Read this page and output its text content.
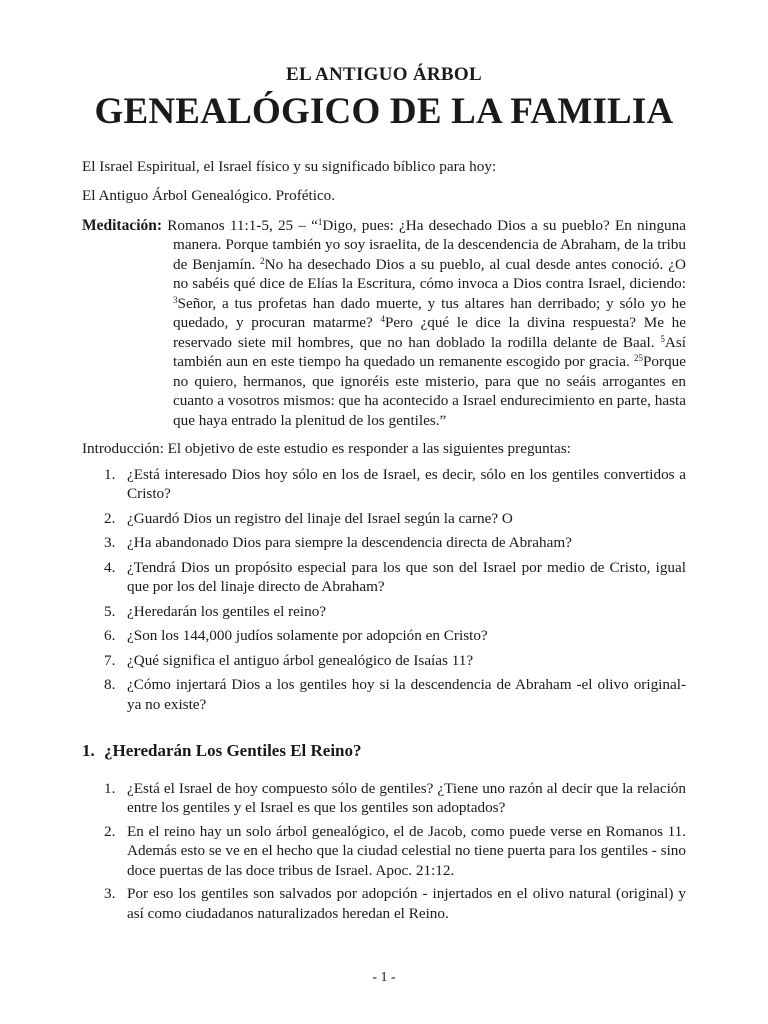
EL ANTIGUO ÁRBOL
GENEALÓGICO DE LA FAMILIA

El Israel Espiritual, el Israel físico y su significado bíblico para hoy:

El Antiguo Árbol Genealógico. Profético.

Meditación: Romanos 11:1-5, 25 – “$^1$Digo, pues: ¿Ha desechado Dios a su pueblo? En ninguna manera. Porque también yo soy israelita, de la descendencia de Abraham, de la tribu de Benjamín. $^2$No ha desechado Dios a su pueblo, al cual desde antes conoció. ¿O no sabéis qué dice de Elías la Escritura, cómo invoca a Dios contra Israel, diciendo: $^3$Señor, a tus profetas han dado muerte, y tus altares han derribado; y sólo yo he quedado, y procuran matarme? $^4$Pero ¿qué le dice la divina respuesta? Me he reservado siete mil hombres, que no han doblado la rodilla delante de Baal. $^5$Así también aun en este tiempo ha quedado un remanente escogido por gracia. $^{25}$Porque no quiero, hermanos, que ignoréis este misterio, para que no seáis arrogantes en cuanto a vosotros mismos: que ha acontecido a Israel endurecimiento en parte, hasta que haya entrado la plenitud de los gentiles.”

Introducción: El objetivo de este estudio es responder a las siguientes preguntas:

1. ¿Está interesado Dios hoy sólo en los de Israel, es decir, sólo en los gentiles convertidos a Cristo?
2. ¿Guardó Dios un registro del linaje del Israel según la carne? O
3. ¿Ha abandonado Dios para siempre la descendencia directa de Abraham?
4. ¿Tendrá Dios un propósito especial para los que son del Israel por medio de Cristo, igual que por los del linaje directo de Abraham?
5. ¿Heredarán los gentiles el reino?
6. ¿Son los 144,000 judíos solamente por adopción en Cristo?
7. ¿Qué significa el antiguo árbol genealógico de Isaías 11?
8. ¿Cómo injertará Dios a los gentiles hoy si la descendencia de Abraham -el olivo original- ya no existe?

1. ¿Heredarán Los Gentiles El Reino?

1. ¿Está el Israel de hoy compuesto sólo de gentiles? ¿Tiene uno razón al decir que la relación entre los gentiles y el Israel es que los gentiles son adoptados?
2. En el reino hay un solo árbol genealógico, el de Jacob, como puede verse en Romanos 11. Además esto se ve en el hecho que la ciudad celestial no tiene puerta para los gentiles - sino doce puertas de las doce tribus de Israel. Apoc. 21:12.
3. Por eso los gentiles son salvados por adopción - injertados en el olivo natural (original) y así como ciudadanos naturalizados heredan el Reino.
- 1 -
